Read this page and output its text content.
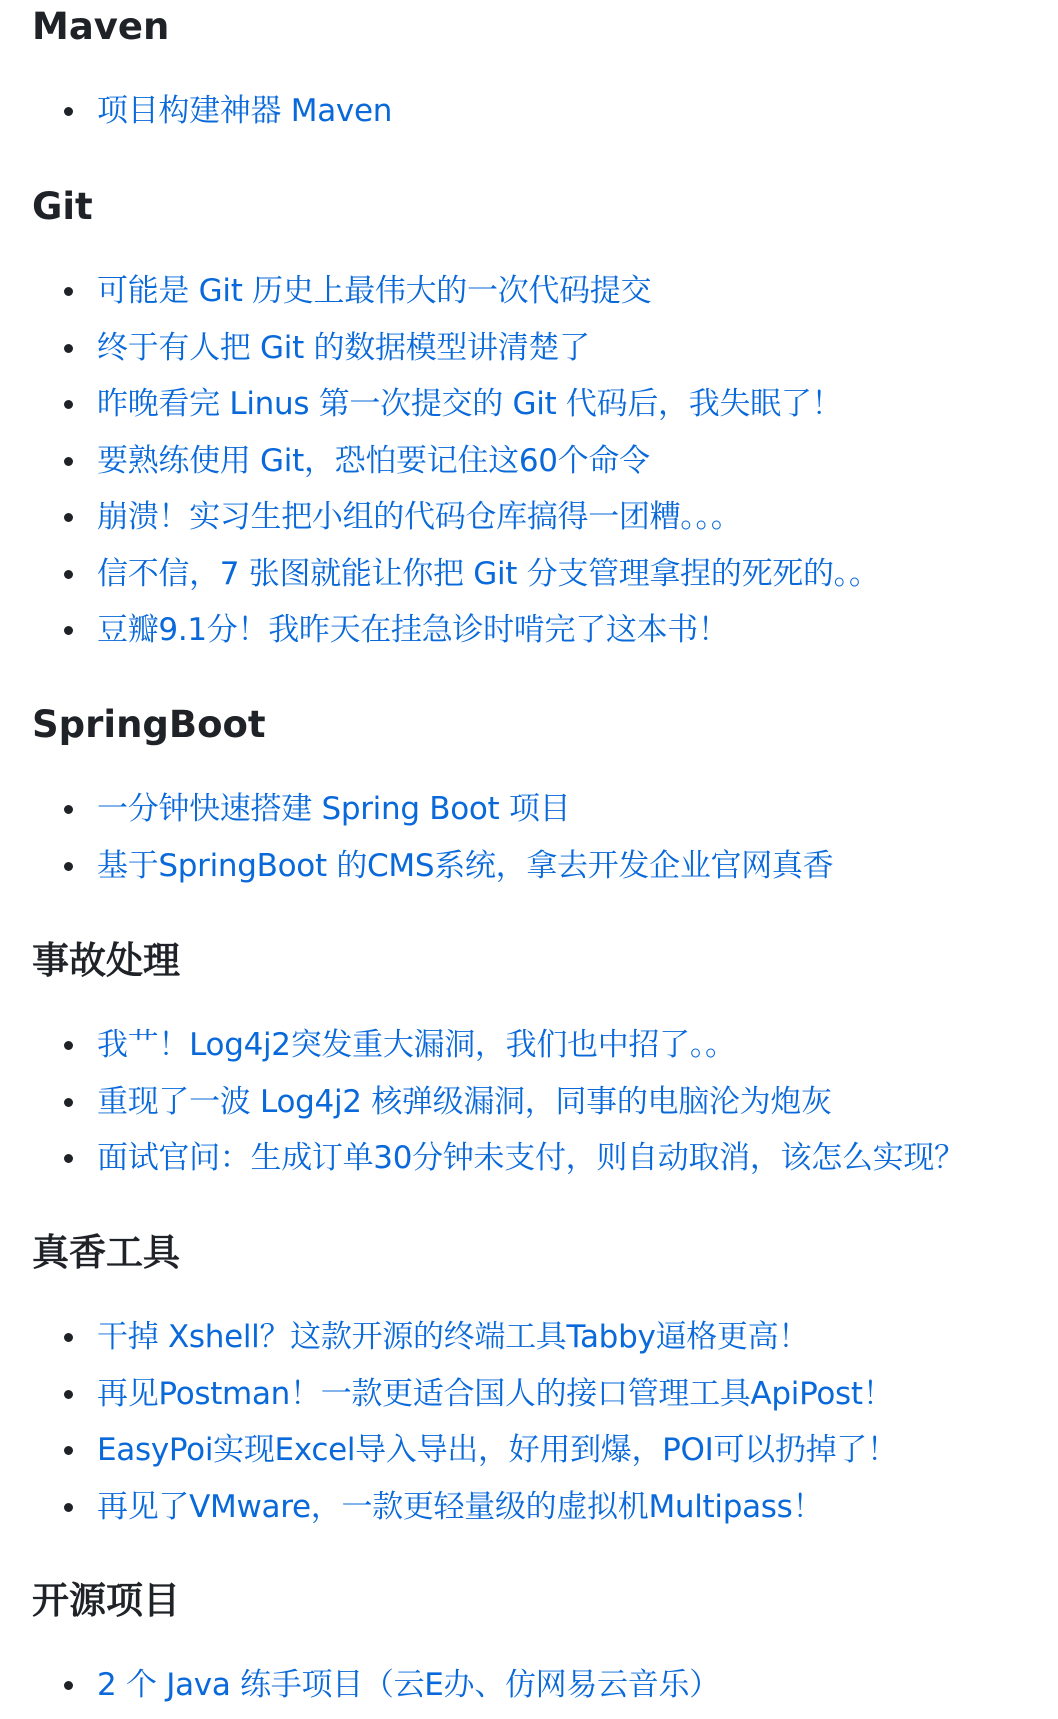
Maven
项目构建神器 Maven
Git
可能是 Git 历史上最伟大的一次代码提交
终于有人把 Git 的数据模型讲清楚了
昨晚看完 Linus 第一次提交的 Git 代码后，我失眠了！
要熟练使用 Git，恐怕要记住这60个命令
崩溃！实习生把小组的代码仓库搞得一团糟。。。
信不信，7 张图就能让你把 Git 分支管理拿捏的死死的。。
豆瓣9.1分！我昨天在挂急诊时啃完了这本书！
SpringBoot
一分钟快速搭建 Spring Boot 项目
基于SpringBoot 的CMS系统，拿去开发企业官网真香
事故处理
我艹！Log4j2突发重大漏洞，我们也中招了。。
重现了一波 Log4j2 核弹级漏洞，同事的电脑沦为炮灰
面试官问：生成订单30分钟未支付，则自动取消，该怎么实现？
真香工具
干掉 Xshell？这款开源的终端工具Tabby逼格更高！
再见Postman！一款更适合国人的接口管理工具ApiPost！
EasyPoi实现Excel导入导出，好用到爆，POI可以扔掉了！
再见了VMware，一款更轻量级的虚拟机Multipass！
开源项目
2 个 Java 练手项目（云E办、仿网易云音乐）
